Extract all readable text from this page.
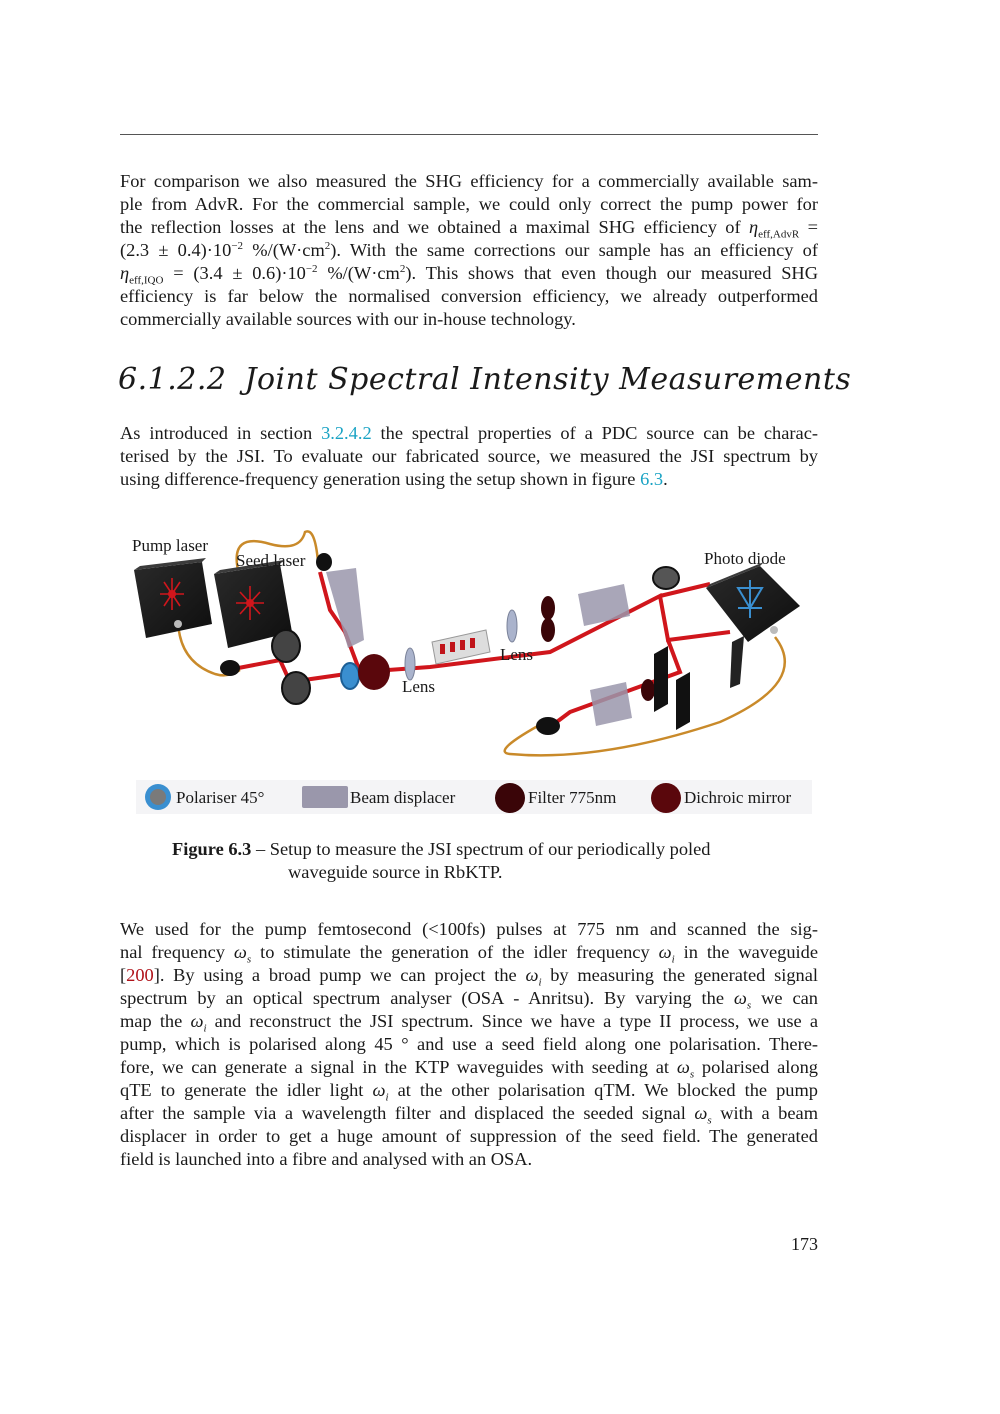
For comparison we also measured the SHG efficiency for a commercially available sam-
ple from AdvR. For the commercial sample, we could only correct the pump power for
the reflection losses at the lens and we obtained a maximal SHG efficiency of $\eta_{eff,AdvR}$ =
$(2.3 \pm 0.4)\cdot 10^{-2}$ $\%/(W\cdot cm^2)$. With the same corrections our sample has an efficiency of
$\eta_{eff,IQO} = (3.4 \pm 0.6)\cdot 10^{-2}$ $\%/(W\cdot cm^2)$. This shows that even though our measured SHG
efficiency is far below the normalised conversion efficiency, we already outperformed
commercially available sources with our in-house technology.

6.1.2.2 Joint Spectral Intensity Measurements

As introduced in section 3.2.4.2 the spectral properties of a PDC source can be charac-
terised by the JSI. To evaluate our fabricated source, we measured the JSI spectrum by
using difference-frequency generation using the setup shown in figure 6.3.

Pump laser
Seed laser	Photo diode
Lens
Lens
Polariser 45°	Beam displacer	Filter 775nm	Dichroic mirror
Figure 6.3 – Setup to measure the JSI spectrum of our periodically poled
waveguide source in RbKTP.

We used for the pump femtosecond (<100fs) pulses at 775 nm and scanned the sig-
nal frequency $\omega_s$ to stimulate the generation of the idler frequency $\omega_i$ in the waveguide
[200]. By using a broad pump we can project the $\omega_i$ by measuring the generated signal
spectrum by an optical spectrum analyser (OSA - Anritsu). By varying the $\omega_s$ we can
map the $\omega_i$ and reconstruct the JSI spectrum. Since we have a type II process, we use a
pump, which is polarised along 45 ° and use a seed field along one polarisation. There-
fore, we can generate a signal in the KTP waveguides with seeding at $\omega_s$ polarised along
qTE to generate the idler light $\omega_i$ at the other polarisation qTM. We blocked the pump
after the sample via a wavelength filter and displaced the seeded signal $\omega_s$ with a beam
displacer in order to get a huge amount of suppression of the seed field. The generated
field is launched into a fibre and analysed with an OSA.

173
